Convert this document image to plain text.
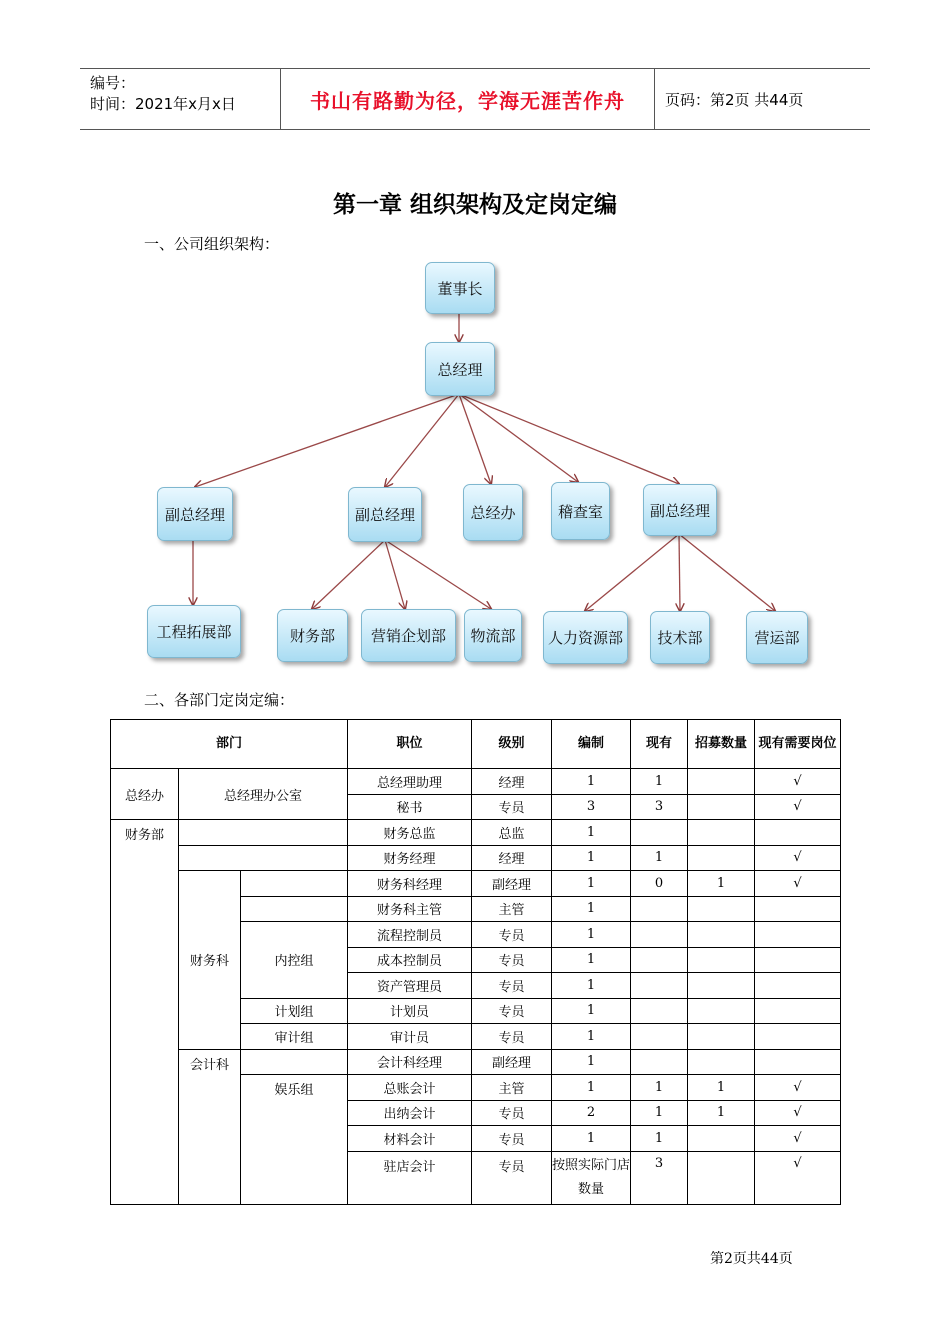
编号：
时间：2021年x月x日	书山有路勤为径，学海无涯苦作舟	页码：第2页 共44页
第一章 组织架构及定岗定编
一、公司组织架构：
董事长
总经理
副总经理	副总经理	总经办	稽查室	副总经理
工程拓展部	财务部	营销企划部	物流部	人力资源部	技术部	营运部
二、各部门定岗定编：
部门			职位	级别	编制	现有	招募数量	现有需要岗位
总经办	总经理办公室		总经理助理	经理	1	1		√
			秘书	专员	3	3		√
财务部			财务总监	总监	1			
			财务经理	经理	1	1		√
	财务科		财务科经理	副经理	1	0	1	√
			财务科主管	主管	1			
		内控组	流程控制员	专员	1			
			成本控制员	专员	1			
			资产管理员	专员	1			
		计划组	计划员	专员	1			
		审计组	审计员	专员	1			
	会计科		会计科经理	副经理	1			
		娱乐组	总账会计	主管	1	1	1	√
			出纳会计	专员	2	1	1	√
			材料会计	专员	1	1		√
			驻店会计	专员	按照实际门店数量	3		√
第2页共44页
